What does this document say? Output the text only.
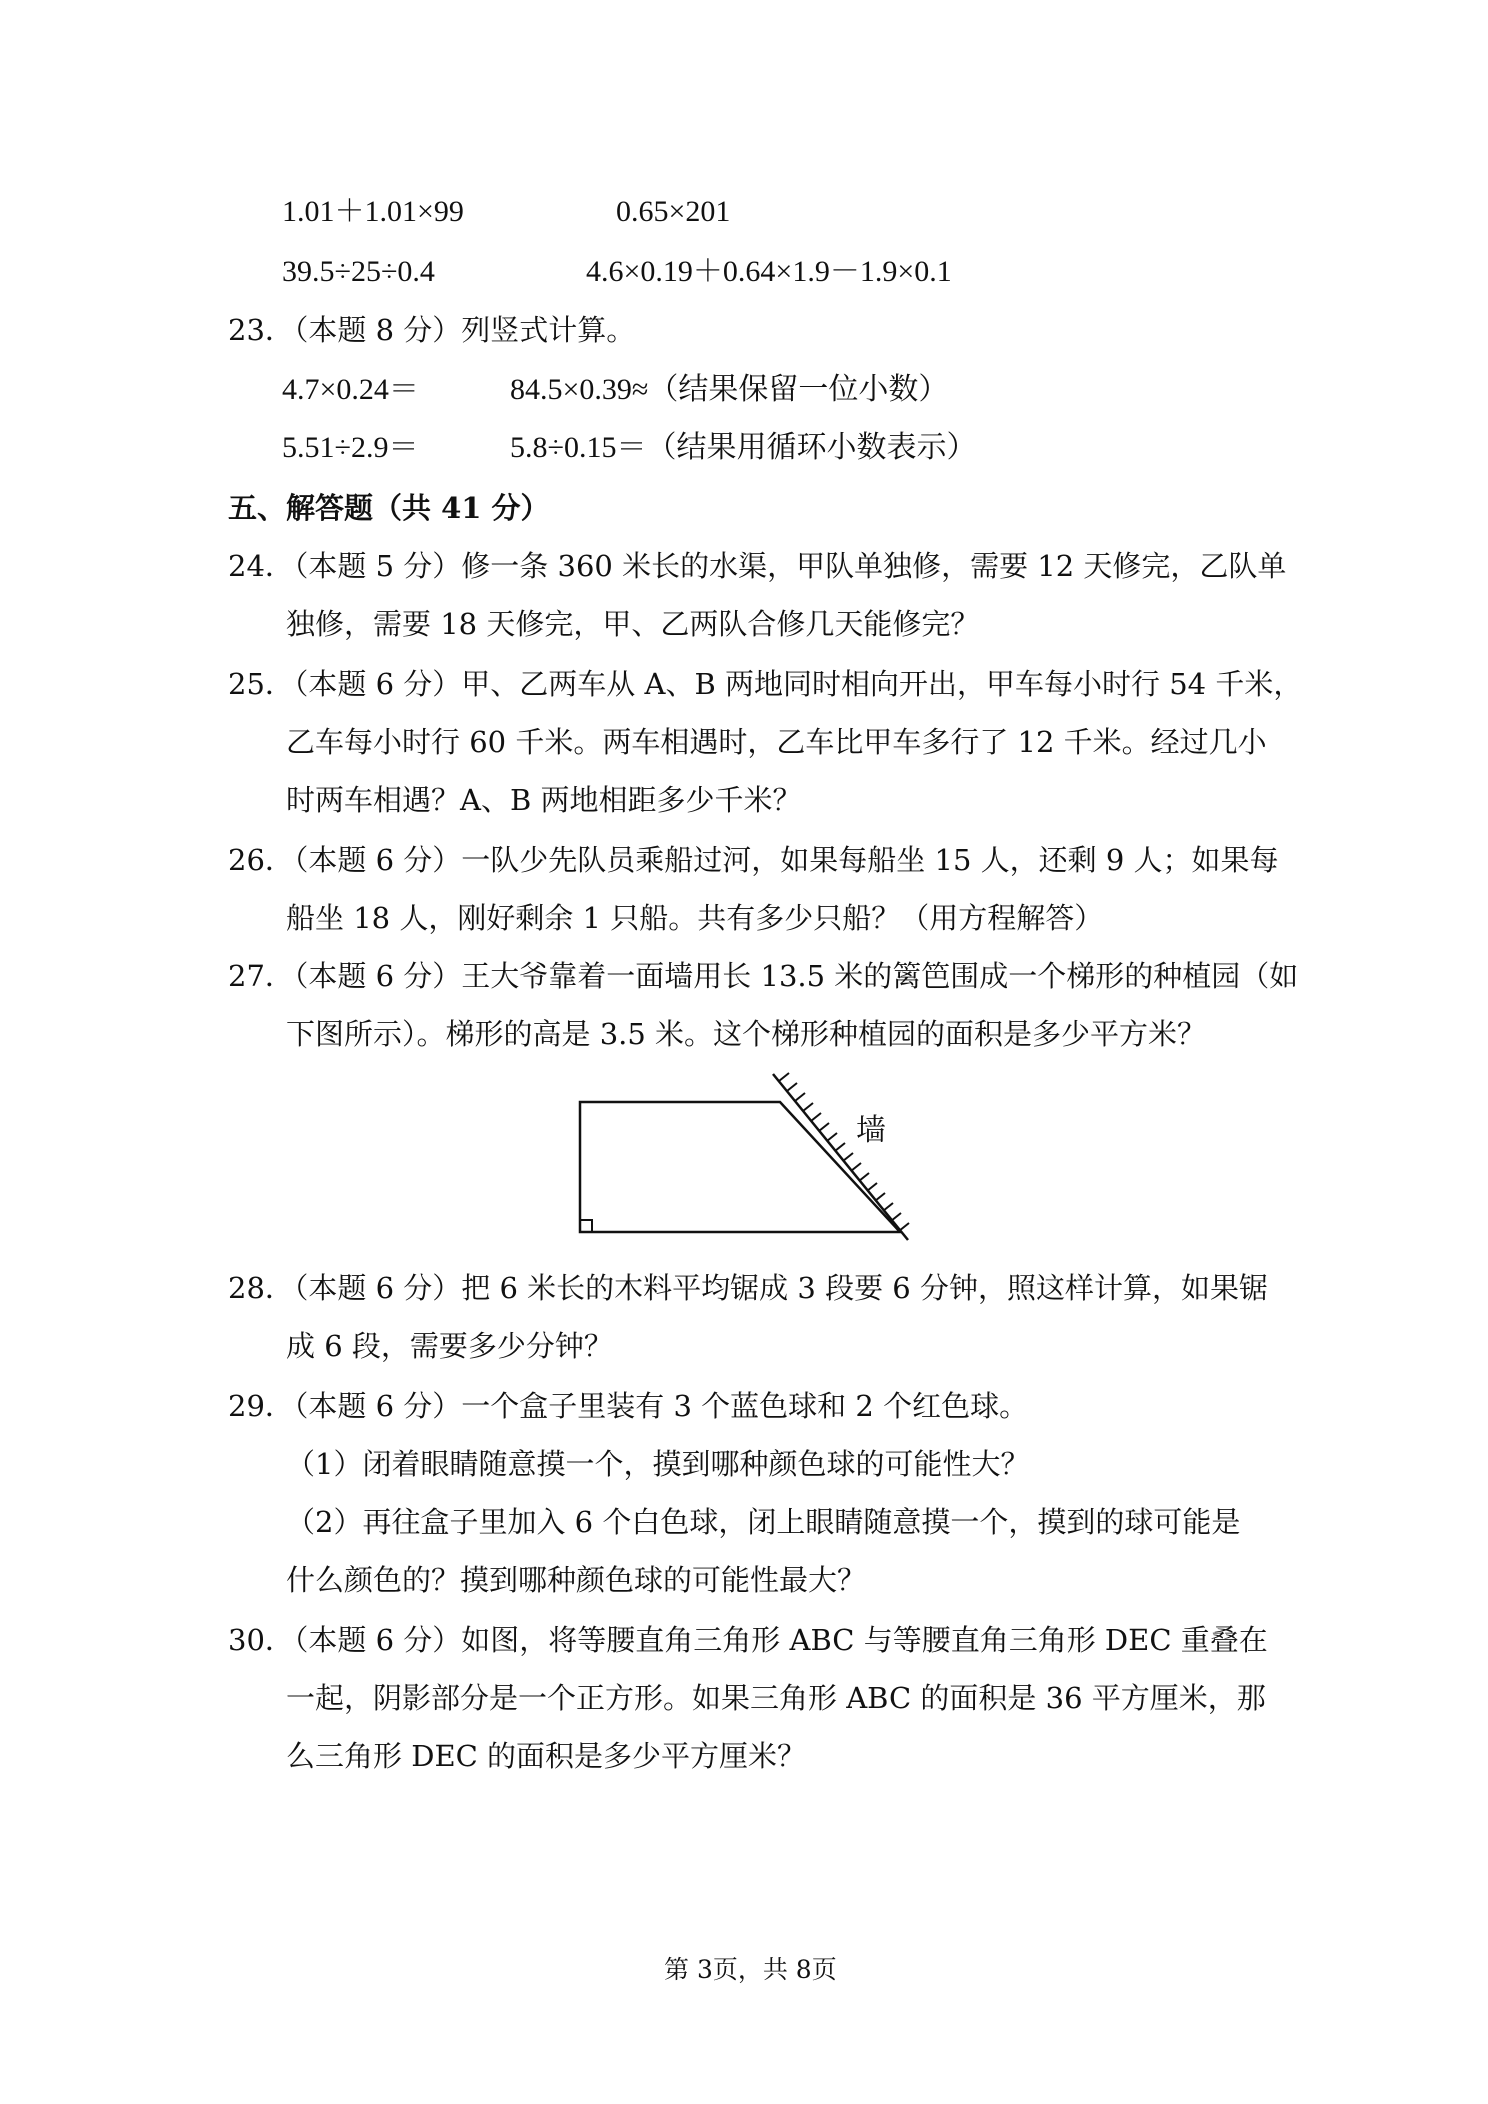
1.01＋1.01×99	0.65×201
39.5÷25÷0.4	4.6×0.19＋0.64×1.9－1.9×0.1
23．（本题 8 分）列竖式计算。
4.7×0.24＝	84.5×0.39≈（结果保留一位小数）
5.51÷2.9＝	5.8÷0.15＝（结果用循环小数表示）
五、解答题（共 41 分）
24．（本题 5 分）修一条 360 米长的水渠，甲队单独修，需要 12 天修完，乙队单
独修，需要 18 天修完，甲、乙两队合修几天能修完？
25．（本题 6 分）甲、乙两车从 A、B 两地同时相向开出，甲车每小时行 54 千米，
乙车每小时行 60 千米。两车相遇时，乙车比甲车多行了 12 千米。经过几小
时两车相遇？A、B 两地相距多少千米？
26．（本题 6 分）一队少先队员乘船过河，如果每船坐 15 人，还剩 9 人；如果每
船坐 18 人，刚好剩余 1 只船。共有多少只船？（用方程解答）
27．（本题 6 分）王大爷靠着一面墙用长 13.5 米的篱笆围成一个梯形的种植园（如
下图所示）。梯形的高是 3.5 米。这个梯形种植园的面积是多少平方米？
墙
28．（本题 6 分）把 6 米长的木料平均锯成 3 段要 6 分钟，照这样计算，如果锯
成 6 段，需要多少分钟？
29．（本题 6 分）一个盒子里装有 3 个蓝色球和 2 个红色球。
（1）闭着眼睛随意摸一个，摸到哪种颜色球的可能性大？
（2）再往盒子里加入 6 个白色球，闭上眼睛随意摸一个，摸到的球可能是
什么颜色的？摸到哪种颜色球的可能性最大？
30．（本题 6 分）如图，将等腰直角三角形 ABC 与等腰直角三角形 DEC 重叠在
一起，阴影部分是一个正方形。如果三角形 ABC 的面积是 36 平方厘米，那
么三角形 DEC 的面积是多少平方厘米？
第 3页，共 8页
